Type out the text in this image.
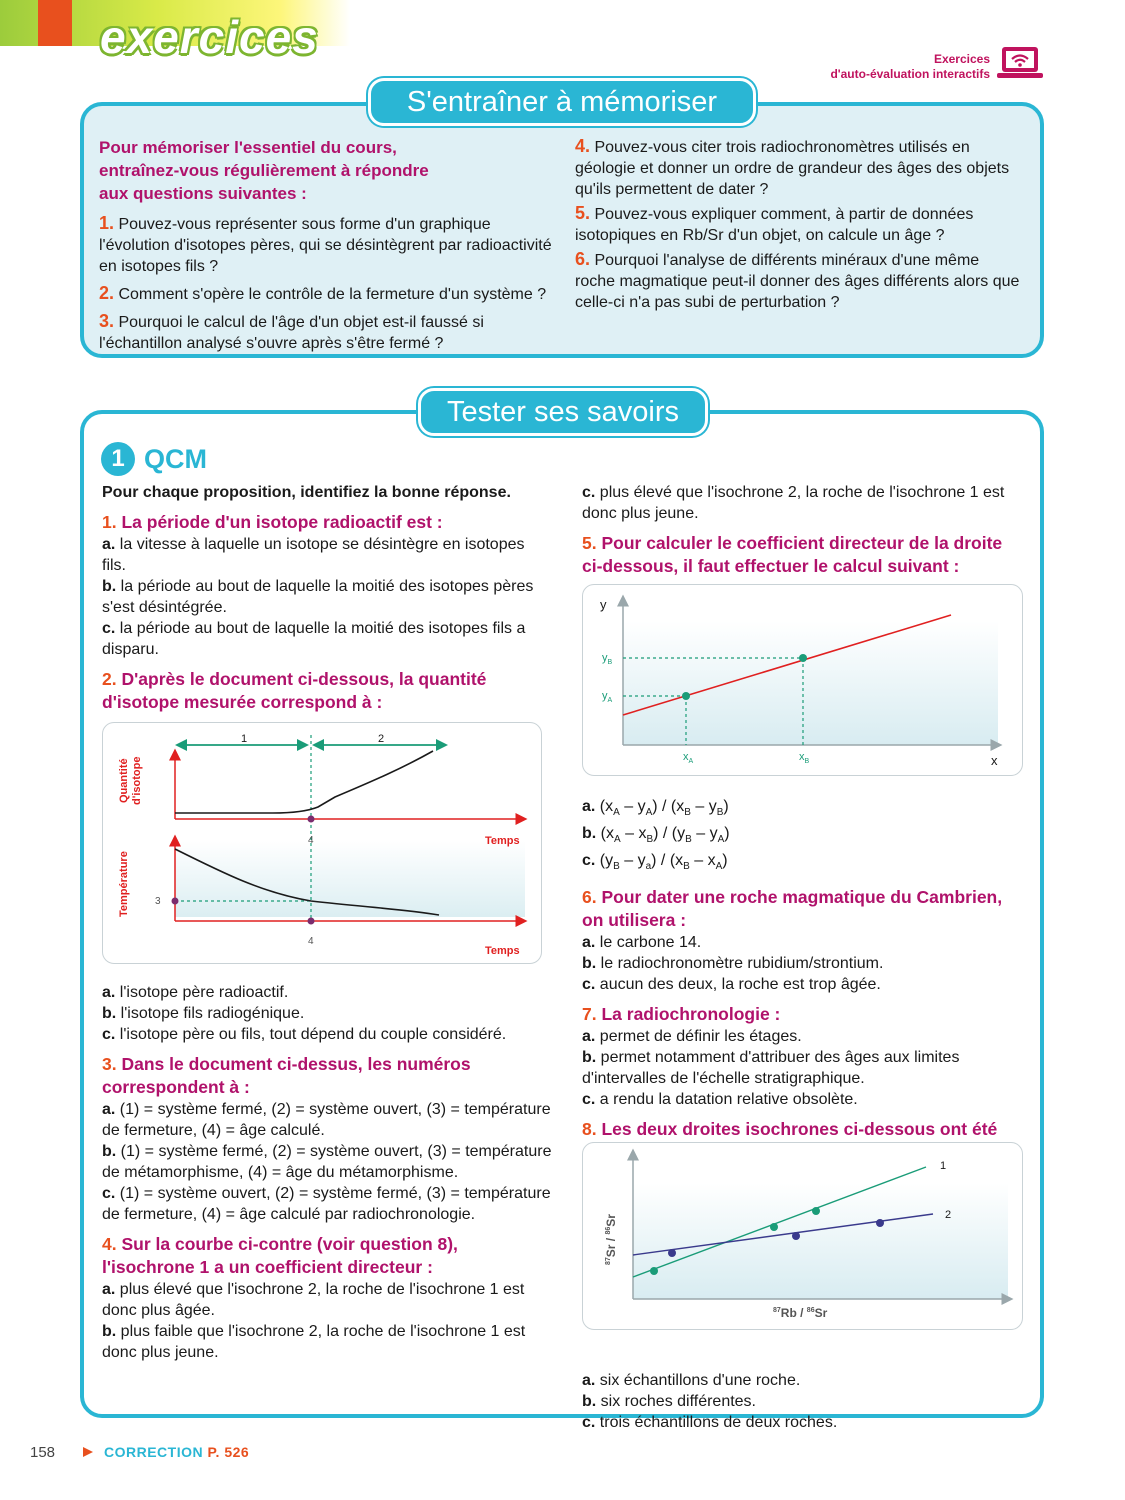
exercices	Exercices
d'auto-évaluation interactifs
S'entraîner à mémoriser
Pour mémoriser l'essentiel du cours, entraînez-vous régulièrement à répondre aux questions suivantes :

1. Pouvez-vous représenter sous forme d'un graphique l'évolution d'isotopes pères, qui se désintègrent par radioactivité en isotopes fils ?

2. Comment s'opère le contrôle de la fermeture d'un système ?

3. Pourquoi le calcul de l'âge d'un objet est-il faussé si l'échantillon analysé s'ouvre après s'être fermé ?

4. Pouvez-vous citer trois radiochronomètres utilisés en géologie et donner un ordre de grandeur des âges des objets qu'ils permettent de dater ?

5. Pouvez-vous expliquer comment, à partir de données isotopiques en Rb/Sr d'un objet, on calcule un âge ?

6. Pourquoi l'analyse de différents minéraux d'une même roche magmatique peut-il donner des âges différents alors que celle-ci n'a pas subi de perturbation ?

Tester ses savoirs
1 QCM
Pour chaque proposition, identifiez la bonne réponse.
1. La période d'un isotope radioactif est :
a. la vitesse à laquelle un isotope se désintègre en isotopes fils.
b. la période au bout de laquelle la moitié des isotopes pères s'est désintégrée.
c. la période au bout de laquelle la moitié des isotopes fils a disparu.
2. D'après le document ci-dessous, la quantité d'isotope mesurée correspond à :
a. l'isotope père radioactif.
b. l'isotope fils radiogénique.
c. l'isotope père ou fils, tout dépend du couple considéré.
3. Dans le document ci-dessus, les numéros correspondent à :
a. (1) = système fermé, (2) = système ouvert, (3) = température de fermeture, (4) = âge calculé.
b. (1) = système fermé, (2) = système ouvert, (3) = température de métamorphisme, (4) = âge du métamorphisme.
c. (1) = système ouvert, (2) = système fermé, (3) = température de fermeture, (4) = âge calculé par radiochronologie.
4. Sur la courbe ci-contre (voir question 8), l'isochrone 1 a un coefficient directeur :
a. plus élevé que l'isochrone 2, la roche de l'isochrone 1 est donc plus âgée.
b. plus faible que l'isochrone 2, la roche de l'isochrone 1 est donc plus jeune.
1	2
4
4
3
Temps
Temps
Quantité d'isotope
Température
c. plus élevé que l'isochrone 2, la roche de l'isochrone 1 est donc plus jeune.
5. Pour calculer le coefficient directeur de la droite ci-dessous, il faut effectuer le calcul suivant :
a. $(x_A - y_A) / (x_B - y_B)$
b. $(x_A - x_B) / (y_B - y_A)$
c. $(y_B - y_a) / (x_B - x_A)$
6. Pour dater une roche magmatique du Cambrien, on utilisera :
a. le carbone 14.
b. le radiochronomètre rubidium/strontium.
c. aucun des deux, la roche est trop âgée.
7. La radiochronologie :
a. permet de définir les étages.
b. permet notamment d'attribuer des âges aux limites d'intervalles de l'échelle stratigraphique.
c. a rendu la datation relative obsolète.
8. Les deux droites isochrones ci-dessous ont été
a. six échantillons d'une roche.
b. six roches différentes.
c. trois échantillons de deux roches.
y
x
$y_A$
$y_B$
$x_A$	$x_B$
1
2
$^{87}$Rb / $^{86}$Sr
$^{87}$Sr / $^{86}$Sr
158	CORRECTION P. 526
